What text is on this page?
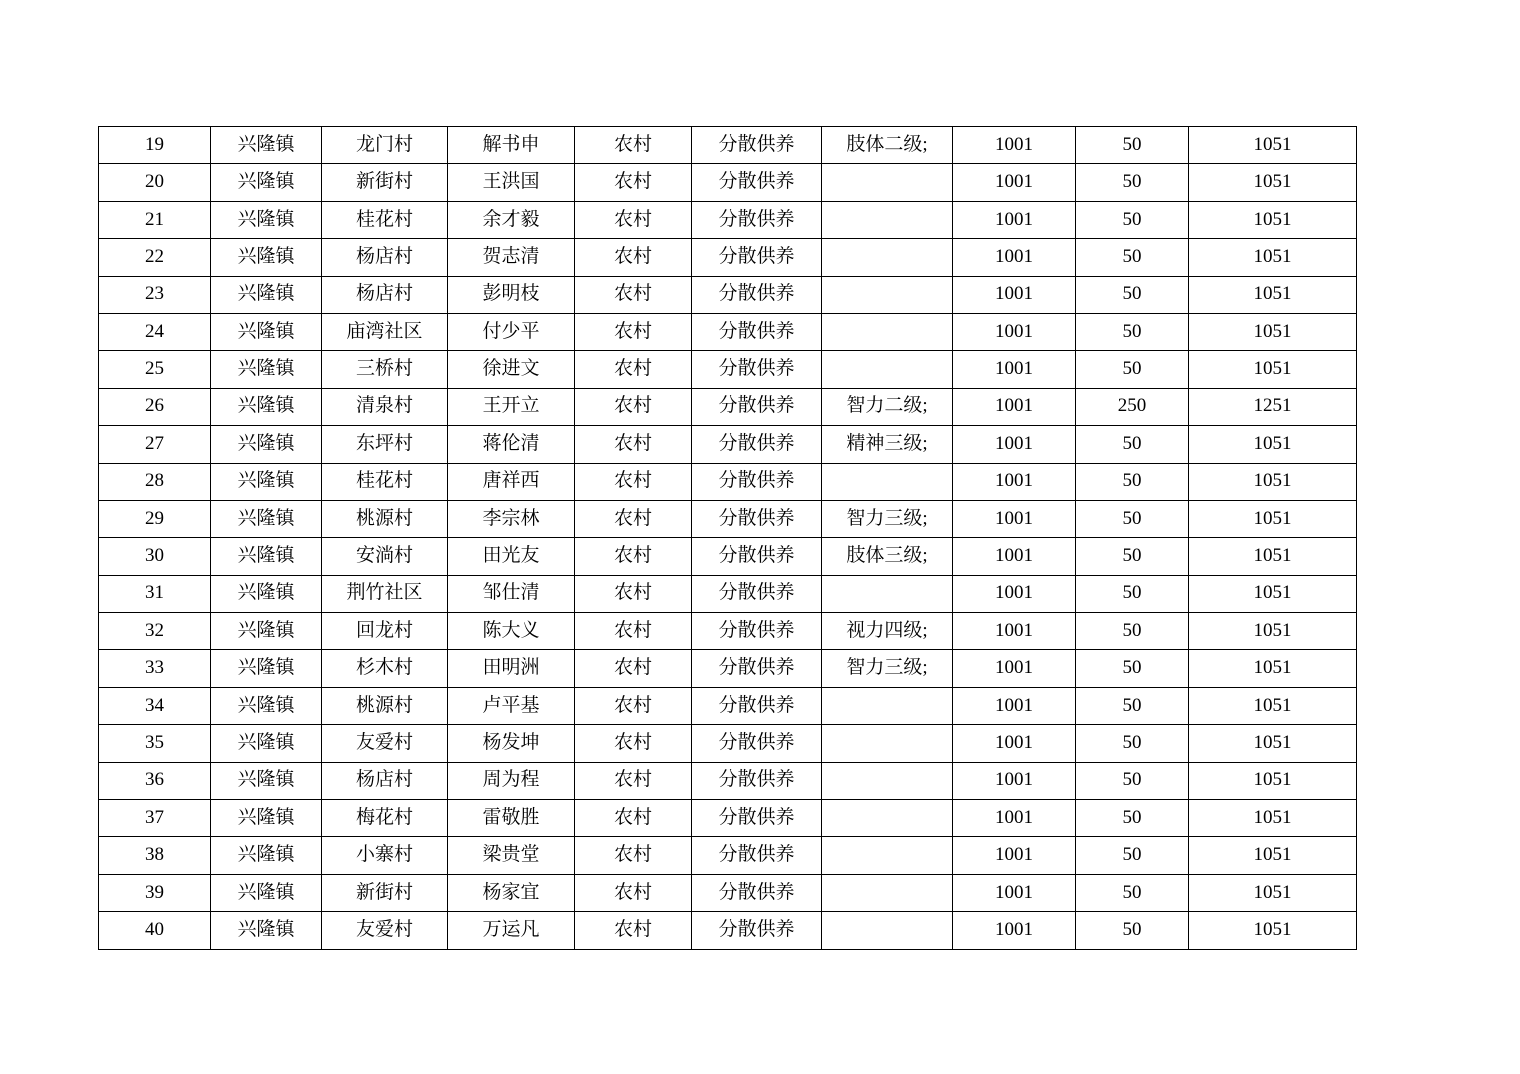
19	兴隆镇	龙门村	解书申	农村	分散供养	肢体二级;	1001	50	1051
20	兴隆镇	新街村	王洪国	农村	分散供养		1001	50	1051
21	兴隆镇	桂花村	余才毅	农村	分散供养		1001	50	1051
22	兴隆镇	杨店村	贺志清	农村	分散供养		1001	50	1051
23	兴隆镇	杨店村	彭明枝	农村	分散供养		1001	50	1051
24	兴隆镇	庙湾社区	付少平	农村	分散供养		1001	50	1051
25	兴隆镇	三桥村	徐进文	农村	分散供养		1001	50	1051
26	兴隆镇	清泉村	王开立	农村	分散供养	智力二级;	1001	250	1251
27	兴隆镇	东坪村	蒋伦清	农村	分散供养	精神三级;	1001	50	1051
28	兴隆镇	桂花村	唐祥西	农村	分散供养		1001	50	1051
29	兴隆镇	桃源村	李宗林	农村	分散供养	智力三级;	1001	50	1051
30	兴隆镇	安淌村	田光友	农村	分散供养	肢体三级;	1001	50	1051
31	兴隆镇	荆竹社区	邹仕清	农村	分散供养		1001	50	1051
32	兴隆镇	回龙村	陈大义	农村	分散供养	视力四级;	1001	50	1051
33	兴隆镇	杉木村	田明洲	农村	分散供养	智力三级;	1001	50	1051
34	兴隆镇	桃源村	卢平基	农村	分散供养		1001	50	1051
35	兴隆镇	友爱村	杨发坤	农村	分散供养		1001	50	1051
36	兴隆镇	杨店村	周为程	农村	分散供养		1001	50	1051
37	兴隆镇	梅花村	雷敬胜	农村	分散供养		1001	50	1051
38	兴隆镇	小寨村	梁贵堂	农村	分散供养		1001	50	1051
39	兴隆镇	新街村	杨家宜	农村	分散供养		1001	50	1051
40	兴隆镇	友爱村	万运凡	农村	分散供养		1001	50	1051
